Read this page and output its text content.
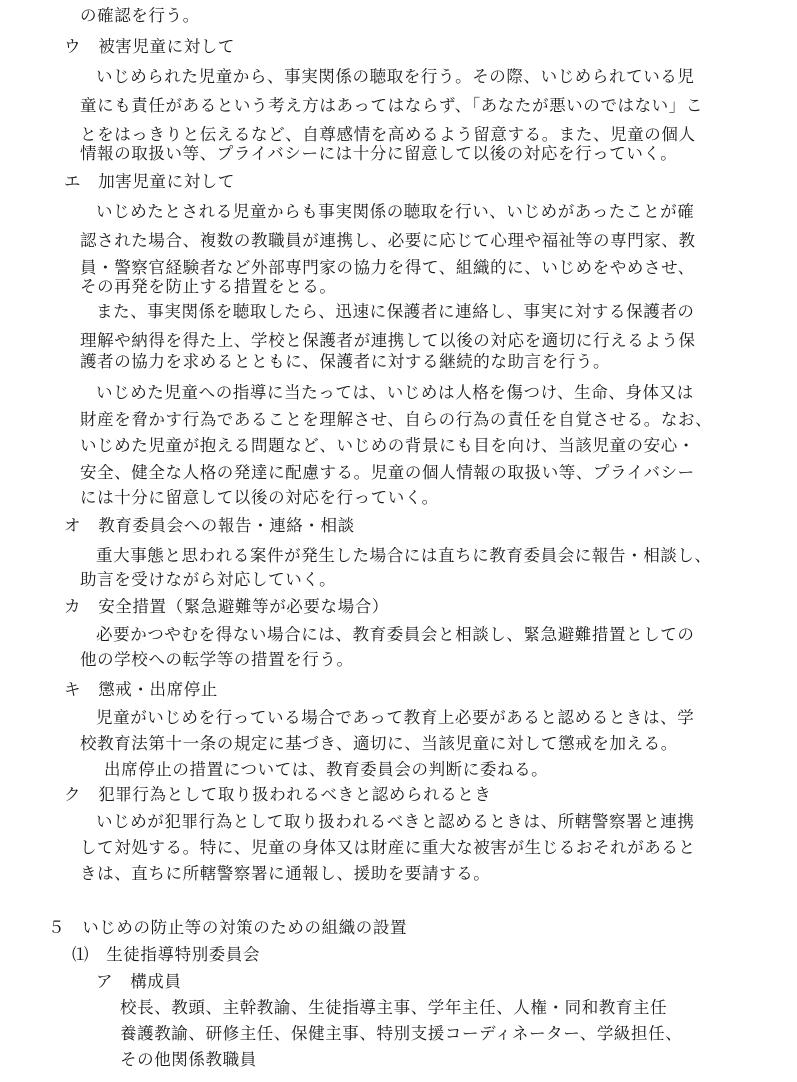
の確認を行う。
ウ　被害児童に対して
いじめられた児童から、事実関係の聴取を行う。その際、いじめられている児
童にも責任があるという考え方はあってはならず、「あなたが悪いのではない」こ
とをはっきりと伝えるなど、自尊感情を高めるよう留意する。また、児童の個人
情報の取扱い等、プライバシーには十分に留意して以後の対応を行っていく。
エ　加害児童に対して
いじめたとされる児童からも事実関係の聴取を行い、いじめがあったことが確
認された場合、複数の教職員が連携し、必要に応じて心理や福祉等の専門家、教
員・警察官経験者など外部専門家の協力を得て、組織的に、いじめをやめさせ、
その再発を防止する措置をとる。
また、事実関係を聴取したら、迅速に保護者に連絡し、事実に対する保護者の
理解や納得を得た上、学校と保護者が連携して以後の対応を適切に行えるよう保
護者の協力を求めるとともに、保護者に対する継続的な助言を行う。
いじめた児童への指導に当たっては、いじめは人格を傷つけ、生命、身体又は
財産を脅かす行為であることを理解させ、自らの行為の責任を自覚させる。なお、
いじめた児童が抱える問題など、いじめの背景にも目を向け、当該児童の安心・
安全、健全な人格の発達に配慮する。児童の個人情報の取扱い等、プライバシー
には十分に留意して以後の対応を行っていく。
オ　教育委員会への報告・連絡・相談
重大事態と思われる案件が発生した場合には直ちに教育委員会に報告・相談し、
助言を受けながら対応していく。
カ　安全措置（緊急避難等が必要な場合）
必要かつやむを得ない場合には、教育委員会と相談し、緊急避難措置としての
他の学校への転学等の措置を行う。
キ　懲戒・出席停止
児童がいじめを行っている場合であって教育上必要があると認めるときは、学
校教育法第十一条の規定に基づき、適切に、当該児童に対して懲戒を加える。
出席停止の措置については、教育委員会の判断に委ねる。
ク　犯罪行為として取り扱われるべきと認められるとき
いじめが犯罪行為として取り扱われるべきと認めるときは、所轄警察署と連携
して対処する。特に、児童の身体又は財産に重大な被害が生じるおそれがあると
きは、直ちに所轄警察署に通報し、援助を要請する。
５　いじめの防止等の対策のための組織の設置
⑴　生徒指導特別委員会
ア　構成員
校長、教頭、主幹教諭、生徒指導主事、学年主任、人権・同和教育主任
養護教諭、研修主任、保健主事、特別支援コーディネーター、学級担任、
その他関係教職員
